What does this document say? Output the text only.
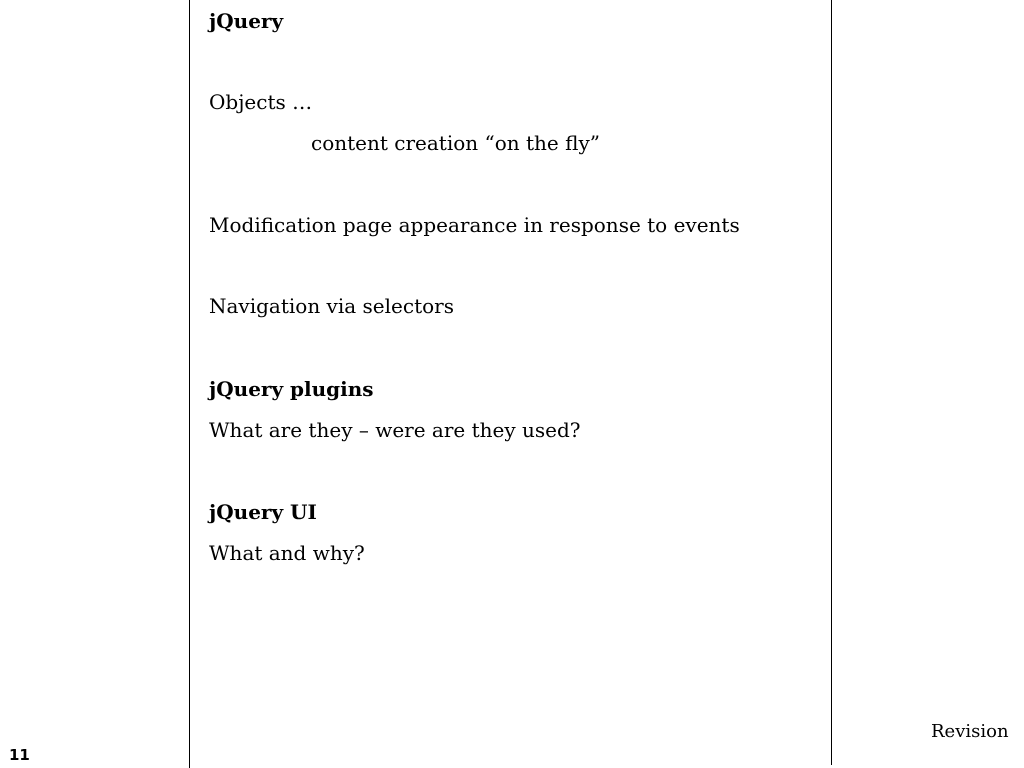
jQuery

Objects …

content creation “on the fly”

Modification page appearance in response to events

Navigation via selectors

jQuery plugins

What are they – were are they used?

jQuery UI

What and why?

11
Revision
